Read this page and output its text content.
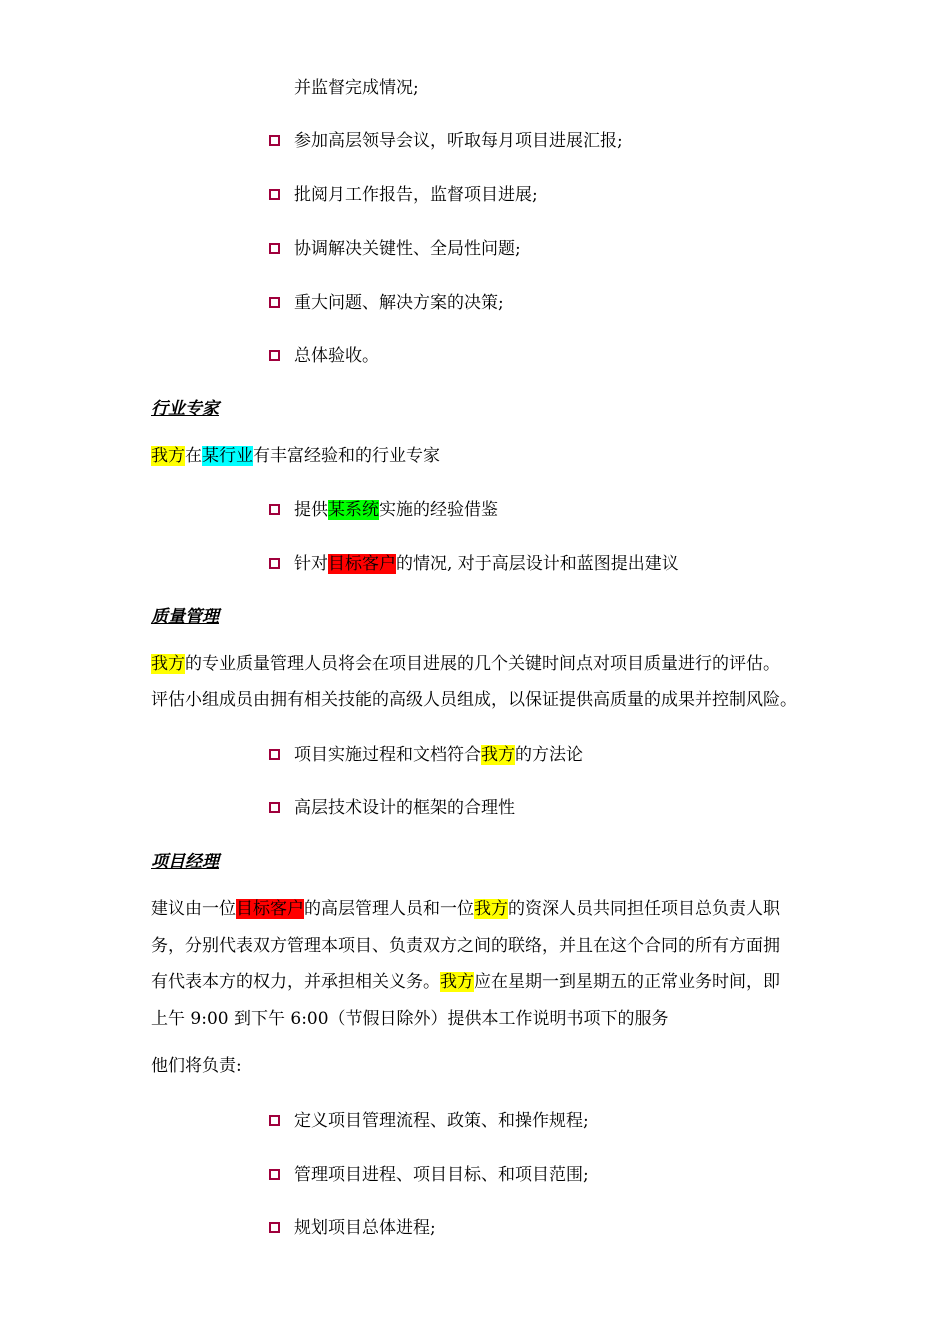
并监督完成情况;
参加高层领导会议，听取每月项目进展汇报;
批阅月工作报告，监督项目进展;
协调解决关键性、全局性问题;
重大问题、解决方案的决策;
总体验收。
行业专家
我方在某行业有丰富经验和的行业专家
提供某系统实施的经验借鉴
针对目标客户的情况, 对于高层设计和蓝图提出建议
质量管理
我方的专业质量管理人员将会在项目进展的几个关键时间点对项目质量进行的评估。
评估小组成员由拥有相关技能的高级人员组成，以保证提供高质量的成果并控制风险。
项目实施过程和文档符合我方的方法论
高层技术设计的框架的合理性
项目经理
建议由一位目标客户的高层管理人员和一位我方的资深人员共同担任项目总负责人职
务，分别代表双方管理本项目、负责双方之间的联络，并且在这个合同的所有方面拥
有代表本方的权力，并承担相关义务。我方应在星期一到星期五的正常业务时间，即
上午 9:00 到下午 6:00（节假日除外）提供本工作说明书项下的服务
他们将负责:
定义项目管理流程、政策、和操作规程;
管理项目进程、项目目标、和项目范围;
规划项目总体进程;
